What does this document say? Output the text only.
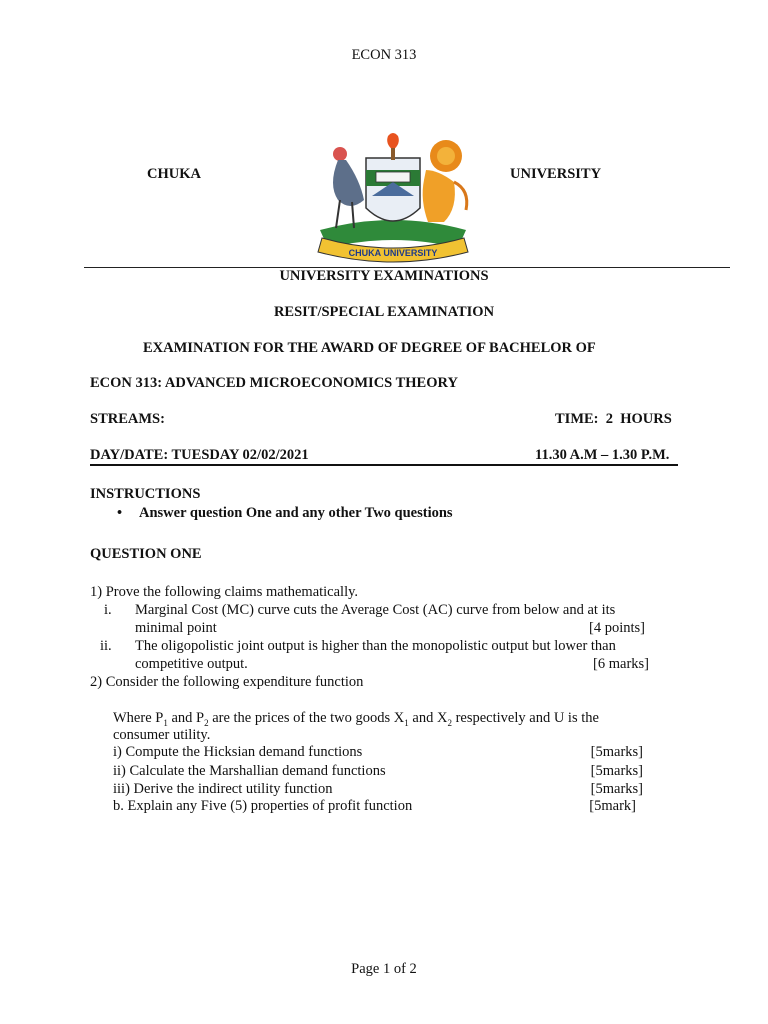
ECON 313
CHUKA	UNIVERSITY
CHUKA UNIVERSITY
UNIVERSITY EXAMINATIONS
RESIT/SPECIAL EXAMINATION
EXAMINATION FOR THE AWARD OF DEGREE OF BACHELOR OF
ECON 313: ADVANCED MICROECONOMICS THEORY
STREAMS:	TIME:  2  HOURS
DAY/DATE: TUESDAY 02/02/2021	11.30 A.M – 1.30 P.M.
INSTRUCTIONS
• Answer question One and any other Two questions
QUESTION ONE
1) Prove the following claims mathematically.
i. Marginal Cost (MC) curve cuts the Average Cost (AC) curve from below and at its
minimal point	[4 points]
ii. The oligopolistic joint output is higher than the monopolistic output but lower than
competitive output.	[6 marks]
2) Consider the following expenditure function
Where $P_1$ and $P_2$ are the prices of the two goods $X_1$ and $X_2$ respectively and U is the
consumer utility.
i) Compute the Hicksian demand functions	[5marks]
ii) Calculate the Marshallian demand functions	[5marks]
iii) Derive the indirect utility function	[5marks]
b. Explain any Five (5) properties of profit function	[5mark]
Page 1 of 2
